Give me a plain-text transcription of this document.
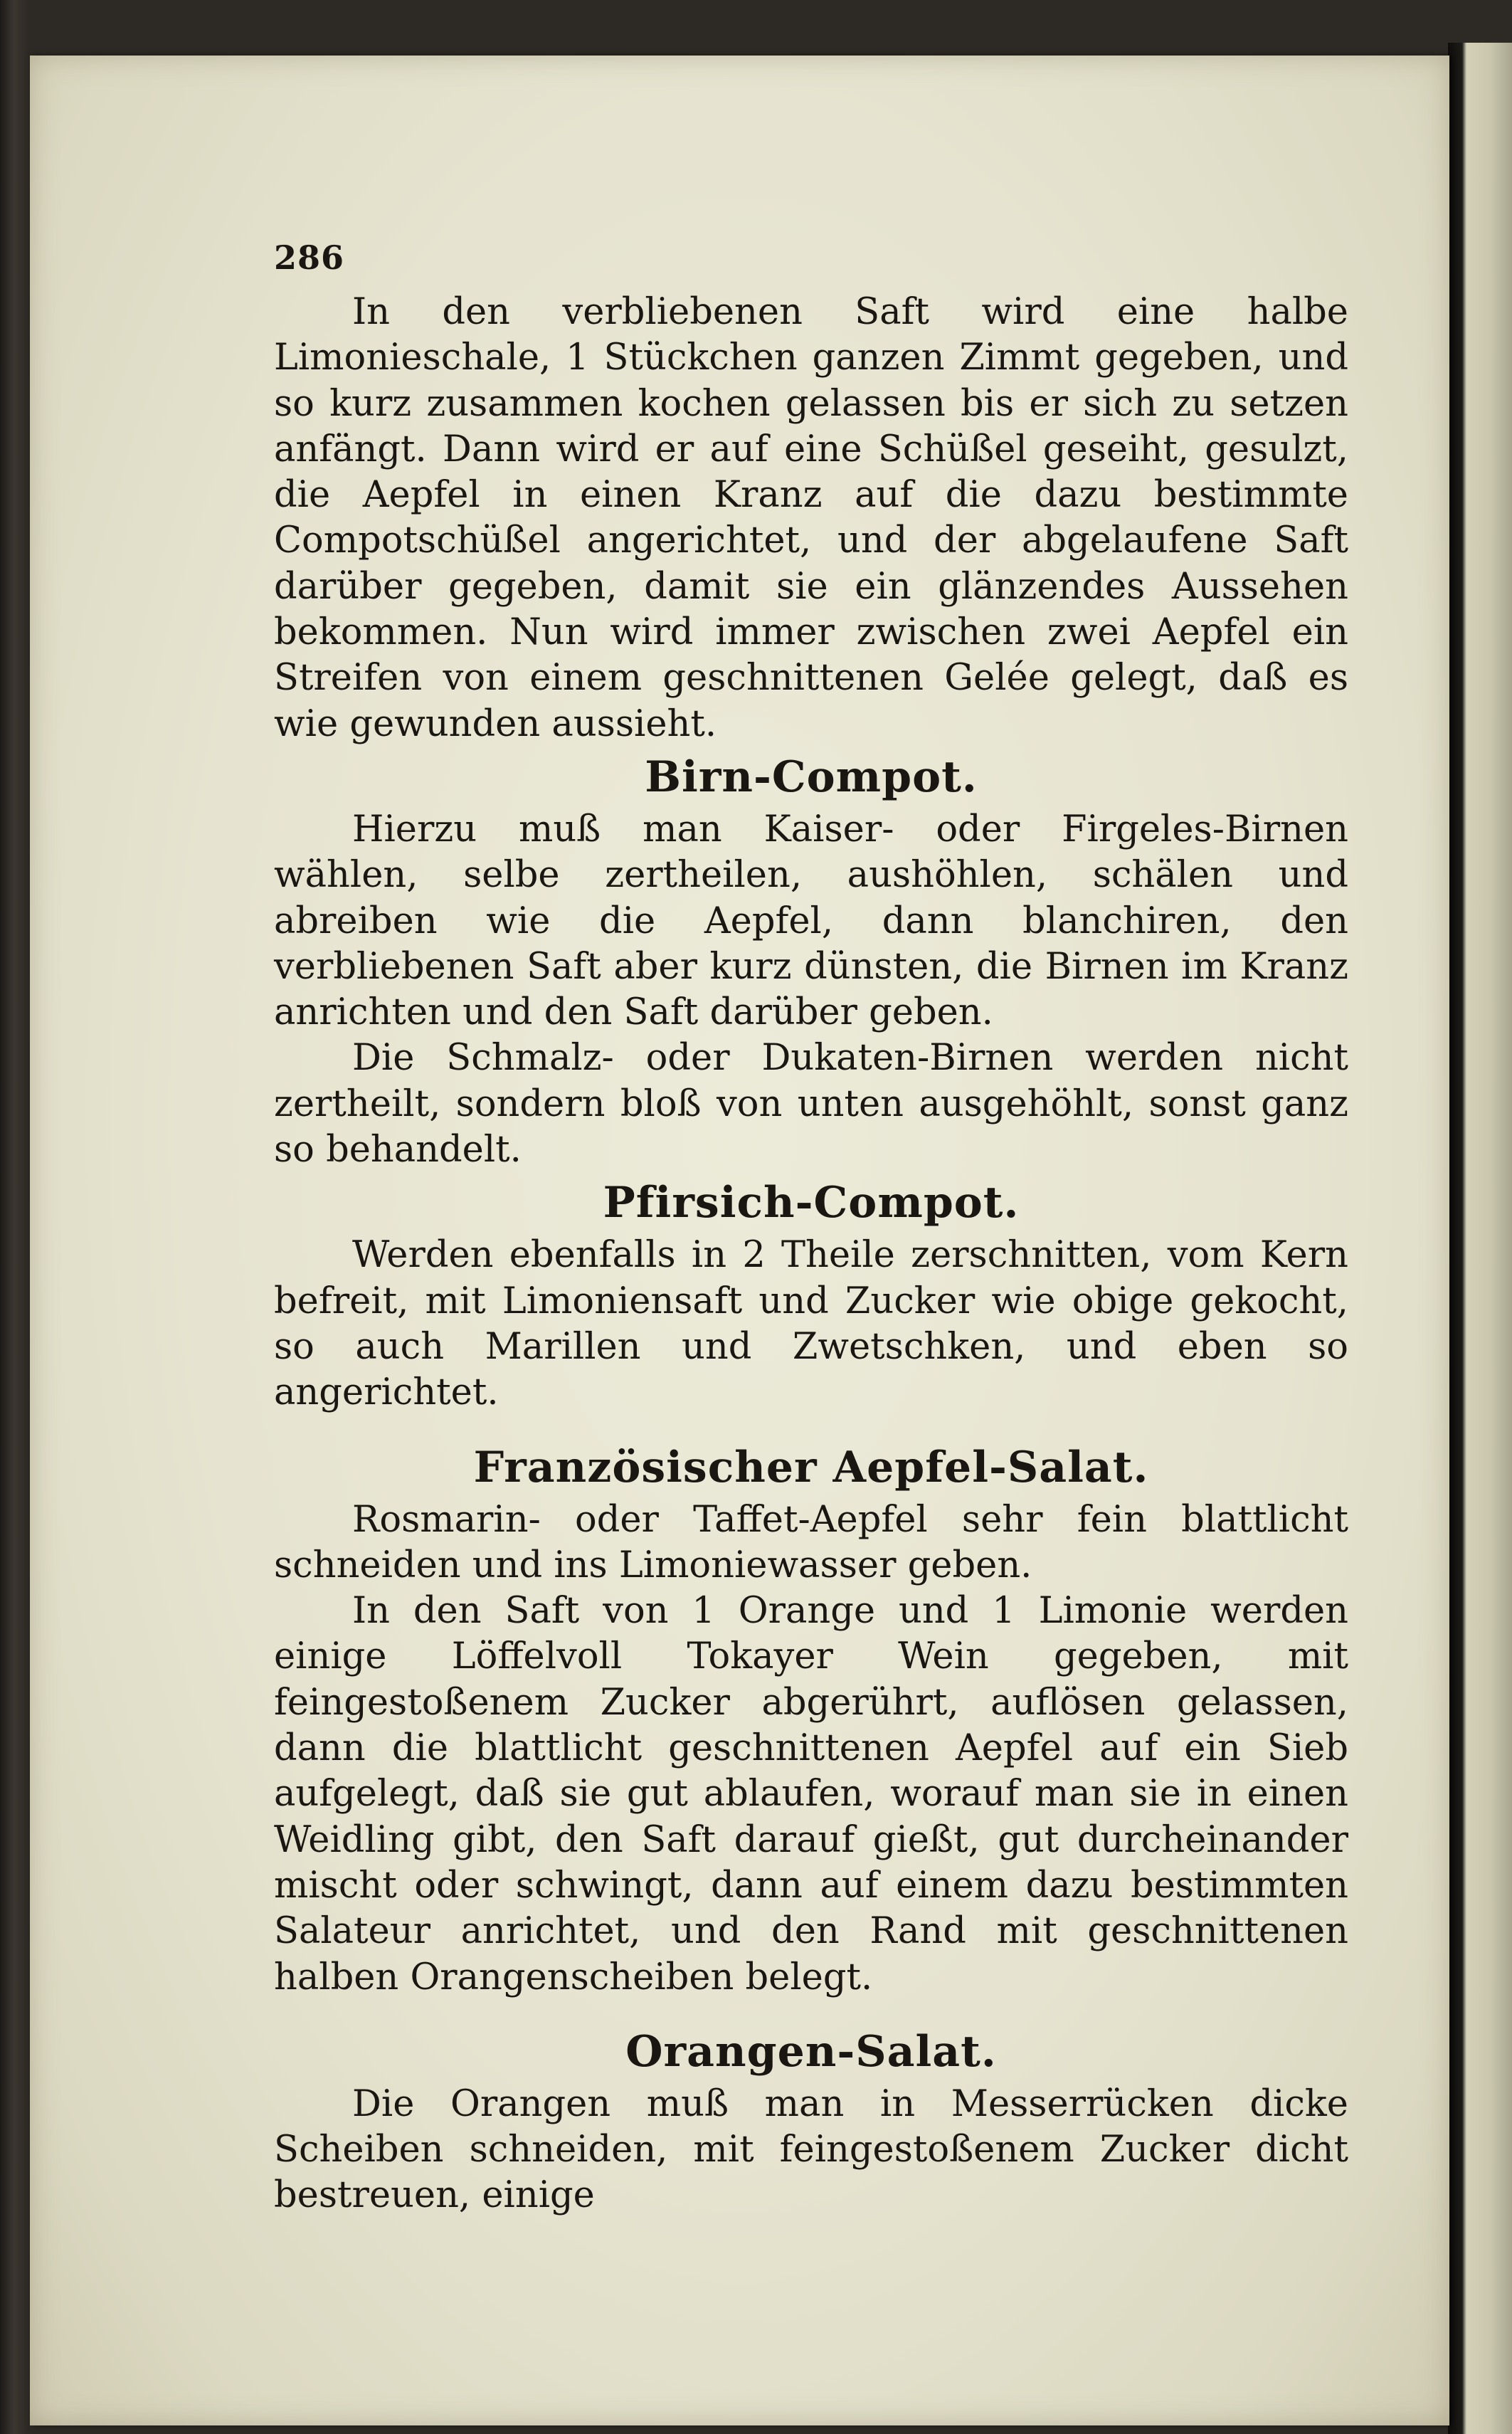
286

In den verbliebenen Saft wird eine halbe Limonieschale, 1 Stückchen ganzen Zimmt gegeben, und so kurz zusammen kochen gelassen bis er sich zu setzen anfängt. Dann wird er auf eine Schüßel geseiht, gesulzt, die Aepfel in einen Kranz auf die dazu bestimmte Compotschüßel angerichtet, und der abgelaufene Saft darüber gegeben, damit sie ein glänzendes Aussehen bekommen. Nun wird immer zwischen zwei Aepfel ein Streifen von einem geschnittenen Gelée gelegt, daß es wie gewunden aussieht.

Birn-Compot.

Hierzu muß man Kaiser- oder Firgeles-Birnen wählen, selbe zertheilen, aushöhlen, schälen und abreiben wie die Aepfel, dann blanchiren, den verbliebenen Saft aber kurz dünsten, die Birnen im Kranz anrichten und den Saft darüber geben.

Die Schmalz- oder Dukaten-Birnen werden nicht zertheilt, sondern bloß von unten ausgehöhlt, sonst ganz so behandelt.

Pfirsich-Compot.

Werden ebenfalls in 2 Theile zerschnitten, vom Kern befreit, mit Limoniensaft und Zucker wie obige gekocht, so auch Marillen und Zwetschken, und eben so angerichtet.

Französischer Aepfel-Salat.

Rosmarin- oder Taffet-Aepfel sehr fein blattlicht schneiden und ins Limoniewasser geben.

In den Saft von 1 Orange und 1 Limonie werden einige Löffelvoll Tokayer Wein gegeben, mit feingestoßenem Zucker abgerührt, auflösen gelassen, dann die blattlicht geschnittenen Aepfel auf ein Sieb aufgelegt, daß sie gut ablaufen, worauf man sie in einen Weidling gibt, den Saft darauf gießt, gut durcheinander mischt oder schwingt, dann auf einem dazu bestimmten Salateur anrichtet, und den Rand mit geschnittenen halben Orangenscheiben belegt.

Orangen-Salat.

Die Orangen muß man in Messerrücken dicke Scheiben schneiden, mit feingestoßenem Zucker dicht bestreuen, einige
